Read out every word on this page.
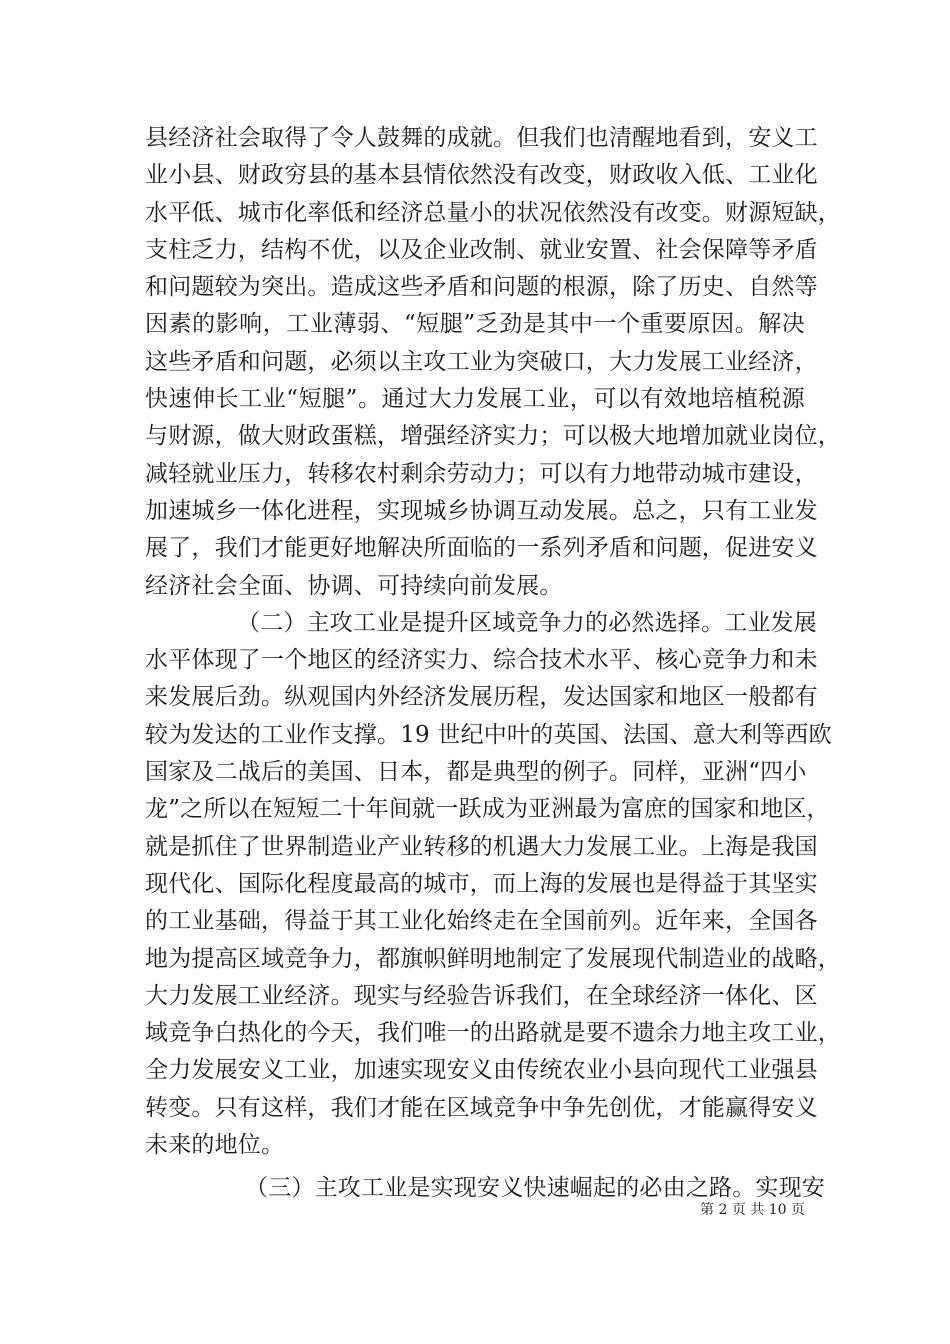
县经济社会取得了令人鼓舞的成就。但我们也清醒地看到，安义工
业小县、财政穷县的基本县情依然没有改变，财政收入低、工业化
水平低、城市化率低和经济总量小的状况依然没有改变。财源短缺，
支柱乏力，结构不优，以及企业改制、就业安置、社会保障等矛盾
和问题较为突出。造成这些矛盾和问题的根源，除了历史、自然等
因素的影响，工业薄弱、“短腿”乏劲是其中一个重要原因。解决
这些矛盾和问题，必须以主攻工业为突破口，大力发展工业经济，
快速伸长工业“短腿”。通过大力发展工业，可以有效地培植税源
与财源，做大财政蛋糕，增强经济实力；可以极大地增加就业岗位，
减轻就业压力，转移农村剩余劳动力；可以有力地带动城市建设，
加速城乡一体化进程，实现城乡协调互动发展。总之，只有工业发
展了，我们才能更好地解决所面临的一系列矛盾和问题，促进安义
经济社会全面、协调、可持续向前发展。
（二）主攻工业是提升区域竞争力的必然选择。工业发展
水平体现了一个地区的经济实力、综合技术水平、核心竞争力和未
来发展后劲。纵观国内外经济发展历程，发达国家和地区一般都有
较为发达的工业作支撑。19 世纪中叶的英国、法国、意大利等西欧
国家及二战后的美国、日本，都是典型的例子。同样，亚洲“四小
龙”之所以在短短二十年间就一跃成为亚洲最为富庶的国家和地区，
就是抓住了世界制造业产业转移的机遇大力发展工业。上海是我国
现代化、国际化程度最高的城市，而上海的发展也是得益于其坚实
的工业基础，得益于其工业化始终走在全国前列。近年来，全国各
地为提高区域竞争力，都旗帜鲜明地制定了发展现代制造业的战略，
大力发展工业经济。现实与经验告诉我们，在全球经济一体化、区
域竞争白热化的今天，我们唯一的出路就是要不遗余力地主攻工业，
全力发展安义工业，加速实现安义由传统农业小县向现代工业强县
转变。只有这样，我们才能在区域竞争中争先创优，才能赢得安义
未来的地位。
（三）主攻工业是实现安义快速崛起的必由之路。实现安
第 2 页 共 10 页
